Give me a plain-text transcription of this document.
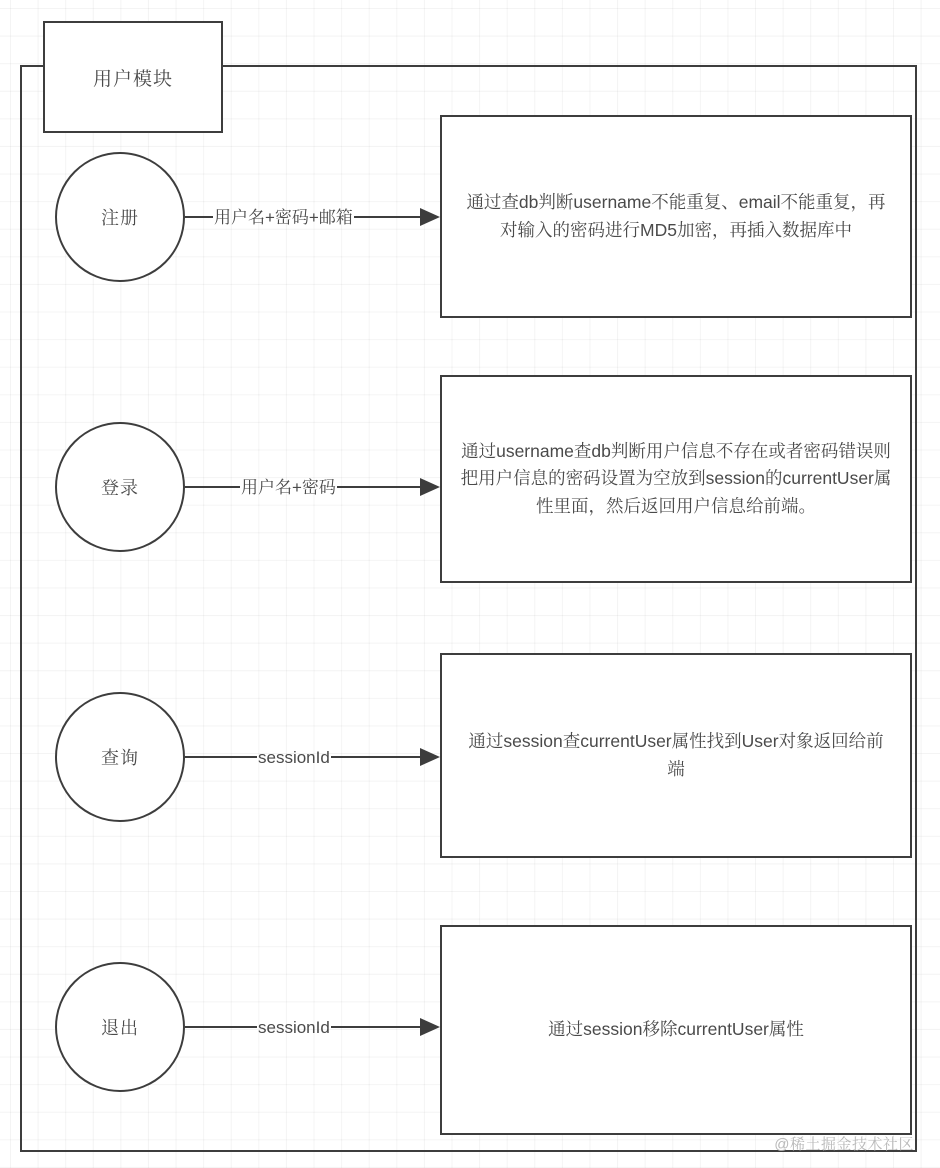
用户模块
注册	用户名+密码+邮箱
通过查db判断username不能重复、email不能重复，再对输入的密码进行MD5加密，再插入数据库中
登录	用户名+密码
通过username查db判断用户信息不存在或者密码错误则把用户信息的密码设置为空放到session的currentUser属性里面，然后返回用户信息给前端。
查询	sessionId
通过session查currentUser属性找到User对象返回给前端
退出	sessionId	通过session移除currentUser属性
@稀土掘金技术社区
